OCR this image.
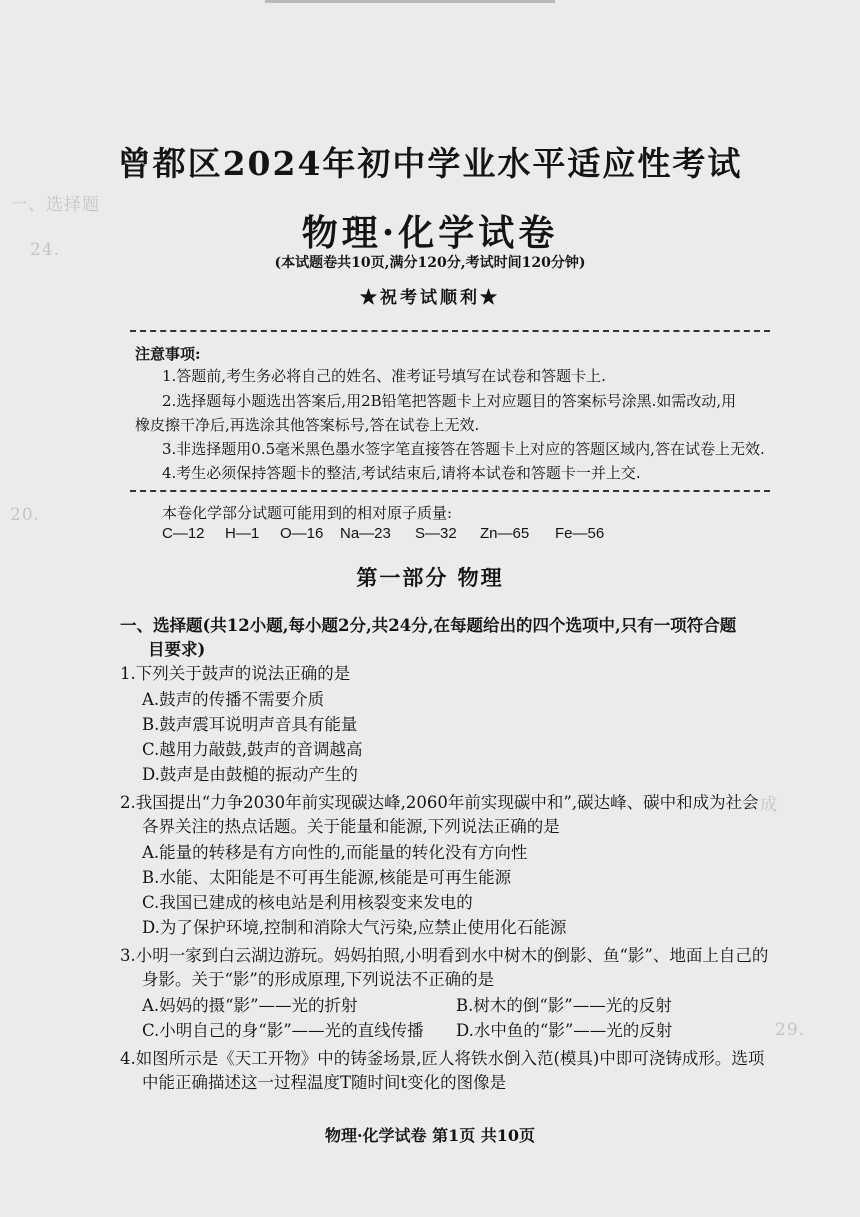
一、选择题
24.
20.
成
29.
曾都区2024年初中学业水平适应性考试
物理·化学试卷
(本试题卷共10页,满分120分,考试时间120分钟)
★祝考试顺利★
注意事项:
1.答题前,考生务必将自己的姓名、准考证号填写在试卷和答题卡上.
2.选择题每小题选出答案后,用2B铅笔把答题卡上对应题目的答案标号涂黑.如需改动,用
橡皮擦干净后,再选涂其他答案标号,答在试卷上无效.
3.非选择题用0.5毫米黑色墨水签字笔直接答在答题卡上对应的答题区域内,答在试卷上无效.
4.考生必须保持答题卡的整洁,考试结束后,请将本试卷和答题卡一并上交.
本卷化学部分试题可能用到的相对原子质量:
C—12 H—1 O—16 Na—23 S—32 Zn—65 Fe—56
第一部分 物理
一、选择题(共12小题,每小题2分,共24分,在每题给出的四个选项中,只有一项符合题
目要求)
1.下列关于鼓声的说法正确的是
A.鼓声的传播不需要介质
B.鼓声震耳说明声音具有能量
C.越用力敲鼓,鼓声的音调越高
D.鼓声是由鼓槌的振动产生的
2.我国提出“力争2030年前实现碳达峰,2060年前实现碳中和”,碳达峰、碳中和成为社会
各界关注的热点话题。关于能量和能源,下列说法正确的是
A.能量的转移是有方向性的,而能量的转化没有方向性
B.水能、太阳能是不可再生能源,核能是可再生能源
C.我国已建成的核电站是利用核裂变来发电的
D.为了保护环境,控制和消除大气污染,应禁止使用化石能源
3.小明一家到白云湖边游玩。妈妈拍照,小明看到水中树木的倒影、鱼“影”、地面上自己的
身影。关于“影”的形成原理,下列说法不正确的是
A.妈妈的摄“影”——光的折射	B.树木的倒“影”——光的反射
C.小明自己的身“影”——光的直线传播 D.水中鱼的“影”——光的反射
4.如图所示是《天工开物》中的铸釜场景,匠人将铁水倒入范(模具)中即可浇铸成形。选项
中能正确描述这一过程温度T随时间t变化的图像是
物理·化学试卷 第1页 共10页
